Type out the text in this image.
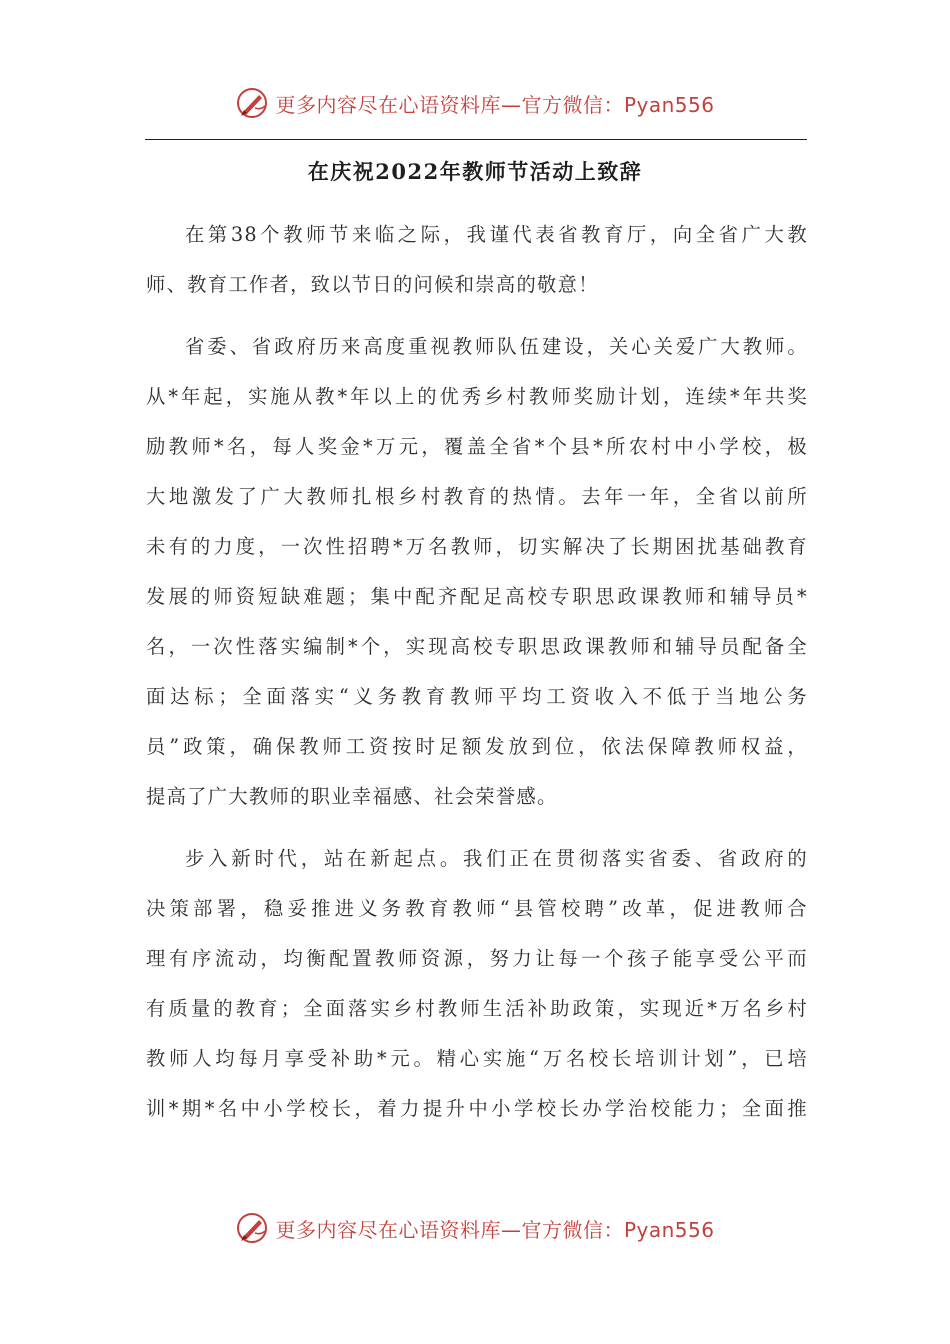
更多内容尽在心语资料库—官方微信：Pyan556
在庆祝2022年教师节活动上致辞

在第38个教师节来临之际，我谨代表省教育厅，向全省广大教
师、教育工作者，致以节日的问候和崇高的敬意！

省委、省政府历来高度重视教师队伍建设，关心关爱广大教师。
从*年起，实施从教*年以上的优秀乡村教师奖励计划，连续*年共奖
励教师*名，每人奖金*万元，覆盖全省*个县*所农村中小学校，极
大地激发了广大教师扎根乡村教育的热情。去年一年，全省以前所
未有的力度，一次性招聘*万名教师，切实解决了长期困扰基础教育
发展的师资短缺难题；集中配齐配足高校专职思政课教师和辅导员*
名，一次性落实编制*个，实现高校专职思政课教师和辅导员配备全
面达标；全面落实“义务教育教师平均工资收入不低于当地公务
员”政策，确保教师工资按时足额发放到位，依法保障教师权益，
提高了广大教师的职业幸福感、社会荣誉感。

步入新时代，站在新起点。我们正在贯彻落实省委、省政府的
决策部署，稳妥推进义务教育教师“县管校聘”改革，促进教师合
理有序流动，均衡配置教师资源，努力让每一个孩子能享受公平而
有质量的教育；全面落实乡村教师生活补助政策，实现近*万名乡村
教师人均每月享受补助*元。精心实施“万名校长培训计划”，已培
训*期*名中小学校长，着力提升中小学校长办学治校能力；全面推

更多内容尽在心语资料库—官方微信：Pyan556
